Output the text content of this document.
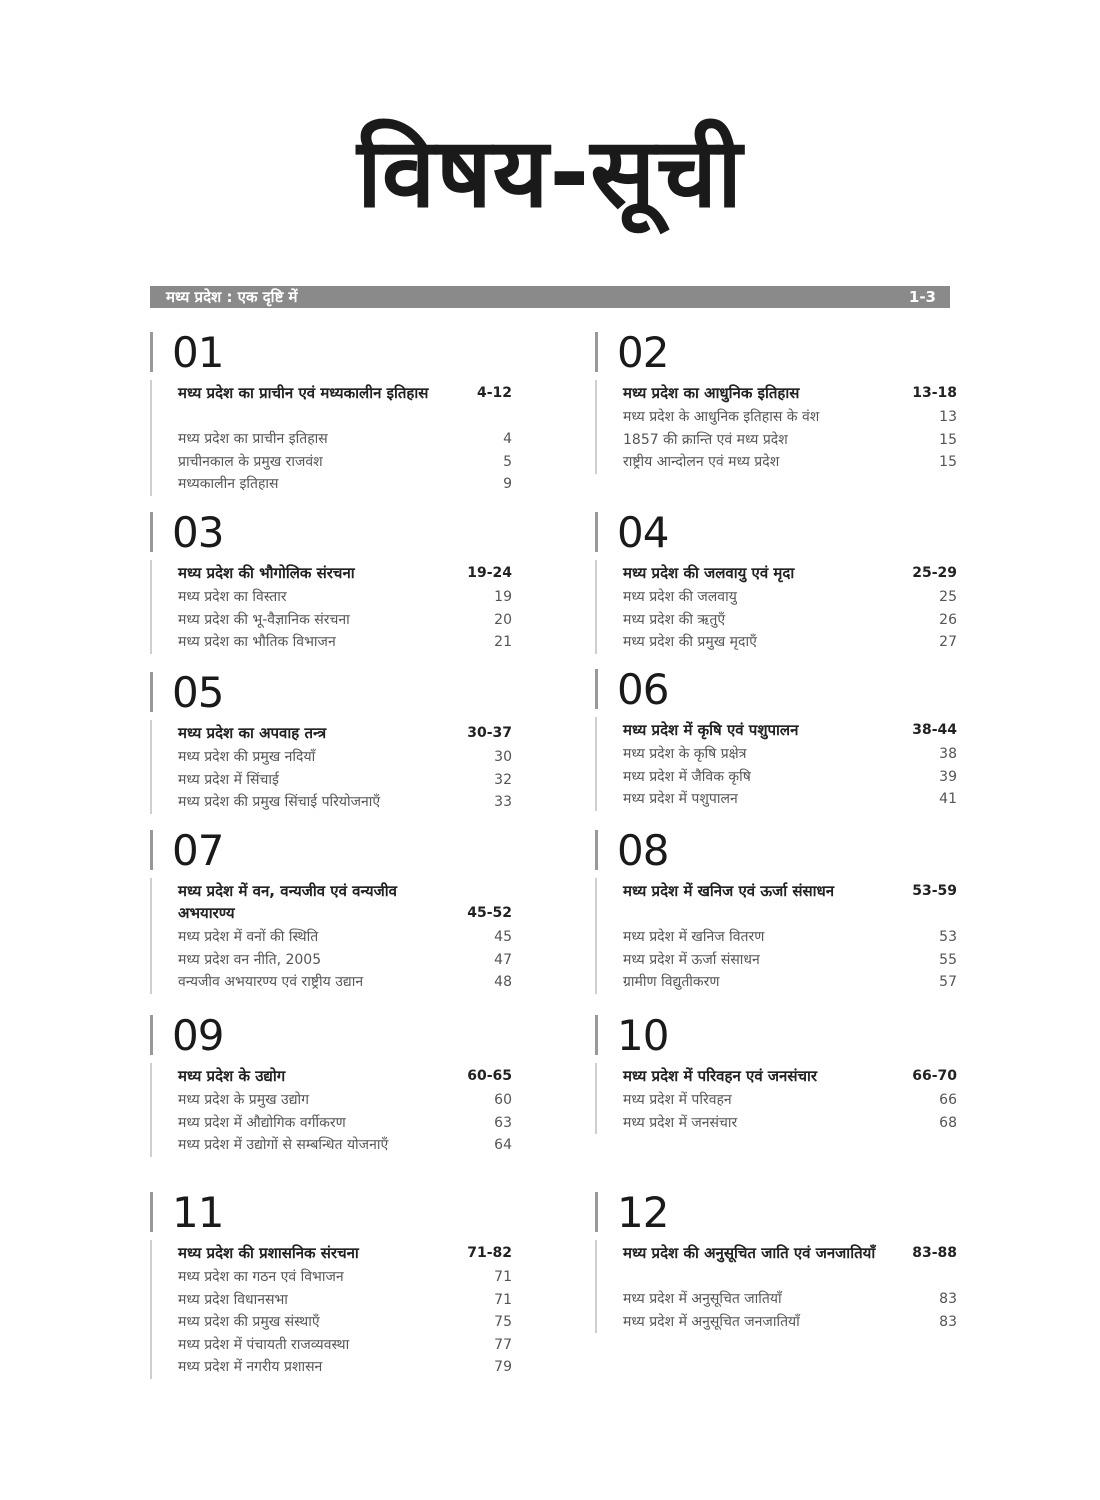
विषय-सूची
मध्य प्रदेश : एक दृष्टि में	1-3
01
मध्य प्रदेश का प्राचीन एवं मध्यकालीन इतिहास	4-12
मध्य प्रदेश का प्राचीन इतिहास	4
प्राचीनकाल के प्रमुख राजवंश	5
मध्यकालीन इतिहास	9
02
मध्य प्रदेश का आधुनिक इतिहास	13-18
मध्य प्रदेश के आधुनिक इतिहास के वंश	13
1857 की क्रान्ति एवं मध्य प्रदेश	15
राष्ट्रीय आन्दोलन एवं मध्य प्रदेश	15
03
मध्य प्रदेश की भौगोलिक संरचना	19-24
मध्य प्रदेश का विस्तार	19
मध्य प्रदेश की भू-वैज्ञानिक संरचना	20
मध्य प्रदेश का भौतिक विभाजन	21
04
मध्य प्रदेश की जलवायु एवं मृदा	25-29
मध्य प्रदेश की जलवायु	25
मध्य प्रदेश की ऋतुएँ	26
मध्य प्रदेश की प्रमुख मृदाएँ	27
05
मध्य प्रदेश का अपवाह तन्त्र	30-37
मध्य प्रदेश की प्रमुख नदियाँ	30
मध्य प्रदेश में सिंचाई	32
मध्य प्रदेश की प्रमुख सिंचाई परियोजनाएँ	33
06
मध्य प्रदेश में कृषि एवं पशुपालन	38-44
मध्य प्रदेश के कृषि प्रक्षेत्र	38
मध्य प्रदेश में जैविक कृषि	39
मध्य प्रदेश में पशुपालन	41
07
मध्य प्रदेश में वन, वन्यजीव एवं वन्यजीव अभयारण्य	45-52
मध्य प्रदेश में वनों की स्थिति	45
मध्य प्रदेश वन नीति, 2005	47
वन्यजीव अभयारण्य एवं राष्ट्रीय उद्यान	48
08
मध्य प्रदेश में खनिज एवं ऊर्जा संसाधन	53-59
मध्य प्रदेश में खनिज वितरण	53
मध्य प्रदेश में ऊर्जा संसाधन	55
ग्रामीण विद्युतीकरण	57
09
मध्य प्रदेश के उद्योग	60-65
मध्य प्रदेश के प्रमुख उद्योग	60
मध्य प्रदेश में औद्योगिक वर्गीकरण	63
मध्य प्रदेश में उद्योगों से सम्बन्धित योजनाएँ	64
10
मध्य प्रदेश में परिवहन एवं जनसंचार	66-70
मध्य प्रदेश में परिवहन	66
मध्य प्रदेश में जनसंचार	68
11
मध्य प्रदेश की प्रशासनिक संरचना	71-82
मध्य प्रदेश का गठन एवं विभाजन	71
मध्य प्रदेश विधानसभा	71
मध्य प्रदेश की प्रमुख संस्थाएँ	75
मध्य प्रदेश में पंचायती राजव्यवस्था	77
मध्य प्रदेश में नगरीय प्रशासन	79
12
मध्य प्रदेश की अनुसूचित जाति एवं जनजातियाँ	83-88
मध्य प्रदेश में अनुसूचित जातियाँ	83
मध्य प्रदेश में अनुसूचित जनजातियाँ	83
